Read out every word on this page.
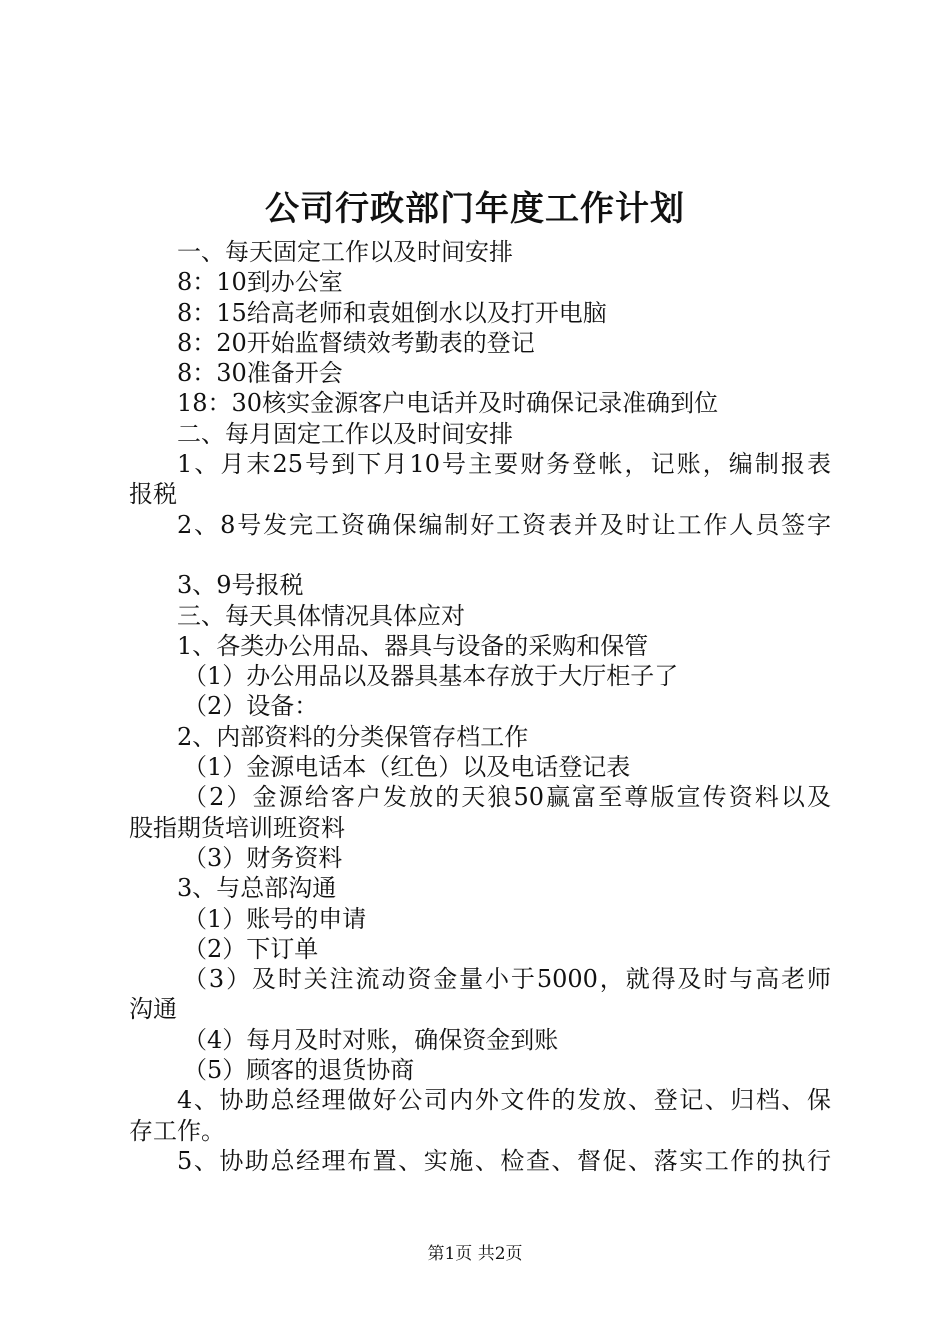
公司行政部门年度工作计划
一、每天固定工作以及时间安排
8：10到办公室
8：15给高老师和袁姐倒水以及打开电脑
8：20开始监督绩效考勤表的登记
8：30准备开会
18：30核实金源客户电话并及时确保记录准确到位
二、每月固定工作以及时间安排
1、月末25号到下月10号主要财务登帐，记账，编制报表
报税
2、8号发完工资确保编制好工资表并及时让工作人员签字
3、9号报税
三、每天具体情况具体应对
1、各类办公用品、器具与设备的采购和保管
（1）办公用品以及器具基本存放于大厅柜子了
（2）设备：
2、内部资料的分类保管存档工作
（1）金源电话本（红色）以及电话登记表
（2）金源给客户发放的天狼50赢富至尊版宣传资料以及
股指期货培训班资料
（3）财务资料
3、与总部沟通
（1）账号的申请
（2）下订单
（3）及时关注流动资金量小于5000，就得及时与高老师
沟通
（4）每月及时对账，确保资金到账
（5）顾客的退货协商
4、协助总经理做好公司内外文件的发放、登记、归档、保
存工作。
5、协助总经理布置、实施、检查、督促、落实工作的执行
第1页 共2页
